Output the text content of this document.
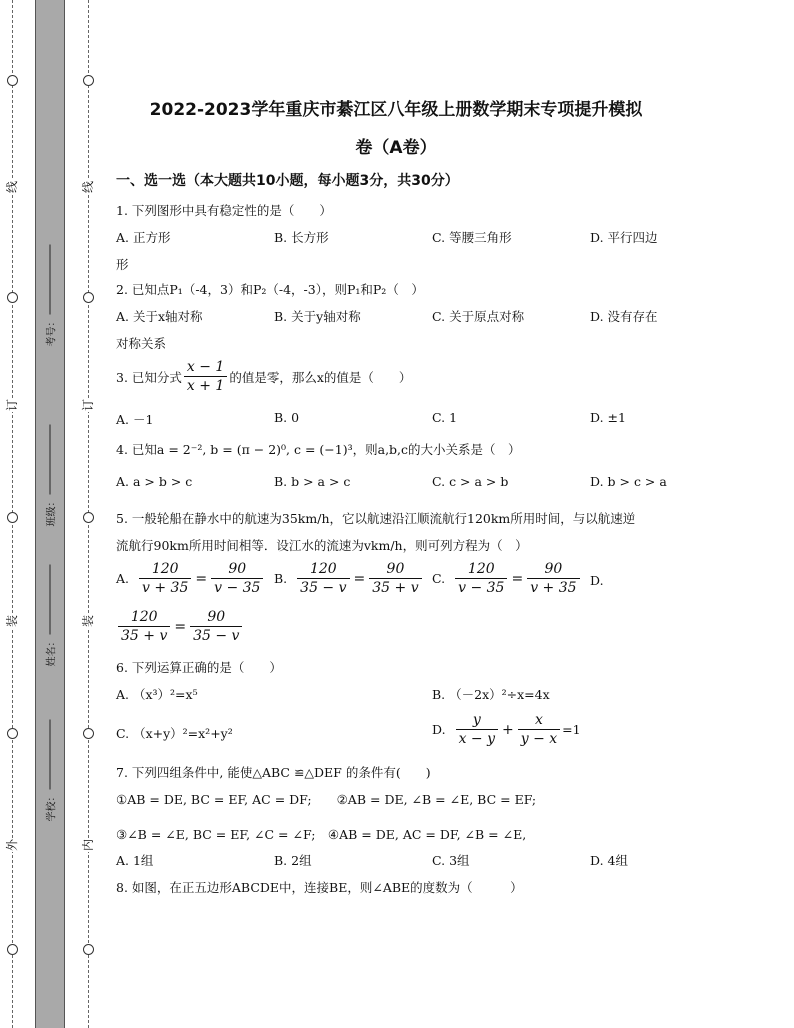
线
订
装
外
线
订
装
内
考号：
班级：
姓名：
学校：
2022-2023学年重庆市綦江区八年级上册数学期末专项提升模拟
卷（A卷）
一、选一选（本大题共10小题，每小题3分，共30分）
1. 下列图形中具有稳定性的是（　　）
A. 正方形	B. 长方形	C. 等腰三角形	D. 平行四边
形
2. 已知点P₁（-4，3）和P₂（-4，-3），则P₁和P₂（　）
A. 关于x轴对称	B. 关于y轴对称	C. 关于原点对称	D. 没有存在
对称关系
3. 已知分式 $\frac{x - 1}{x + 1}$ 的值是零，那么x的值是（　　）
A. －1	B. 0	C. 1	D. ±1
4. 已知a = 2⁻², b = (π − 2)⁰, c = (−1)³，则a,b,c的大小关系是（　）
A. a > b > c	B. b > a > c	C. c > a > b	D. b > c > a
5. 一般轮船在静水中的航速为35km/h，它以航速沿江顺流航行120km所用时间，与以航速逆
流航行90km所用时间相等．设江水的流速为vkm/h，则可列方程为（　）
A. $\frac{120}{v + 35} = \frac{90}{v - 35} B$. $\frac{120}{35 - v} = \frac{90}{35 + v} C$. $\frac{120}{v - 35} = \frac{90}{v + 35} D$.
$\frac{120}{35 + v} = \frac{90}{35 - v}$
6. 下列运算正确的是（　　）
A. （x³）²=x⁵	B. （－2x）²÷x=4x
C. （x+y）²=x²+y²	D. $\frac{y}{x - y} + \frac{x}{y - x} =1$
7. 下列四组条件中, 能使△ABC ≌△DEF 的条件有(　　)
①AB = DE, BC = EF, AC = DF;　　②AB = DE, ∠B = ∠E, BC = EF;
③∠B = ∠E, BC = EF, ∠C = ∠F;　④AB = DE, AC = DF, ∠B = ∠E,
A. 1组	B. 2组	C. 3组	D. 4组
8. 如图，在正五边形ABCDE中，连接BE，则∠ABE的度数为（　　　）
